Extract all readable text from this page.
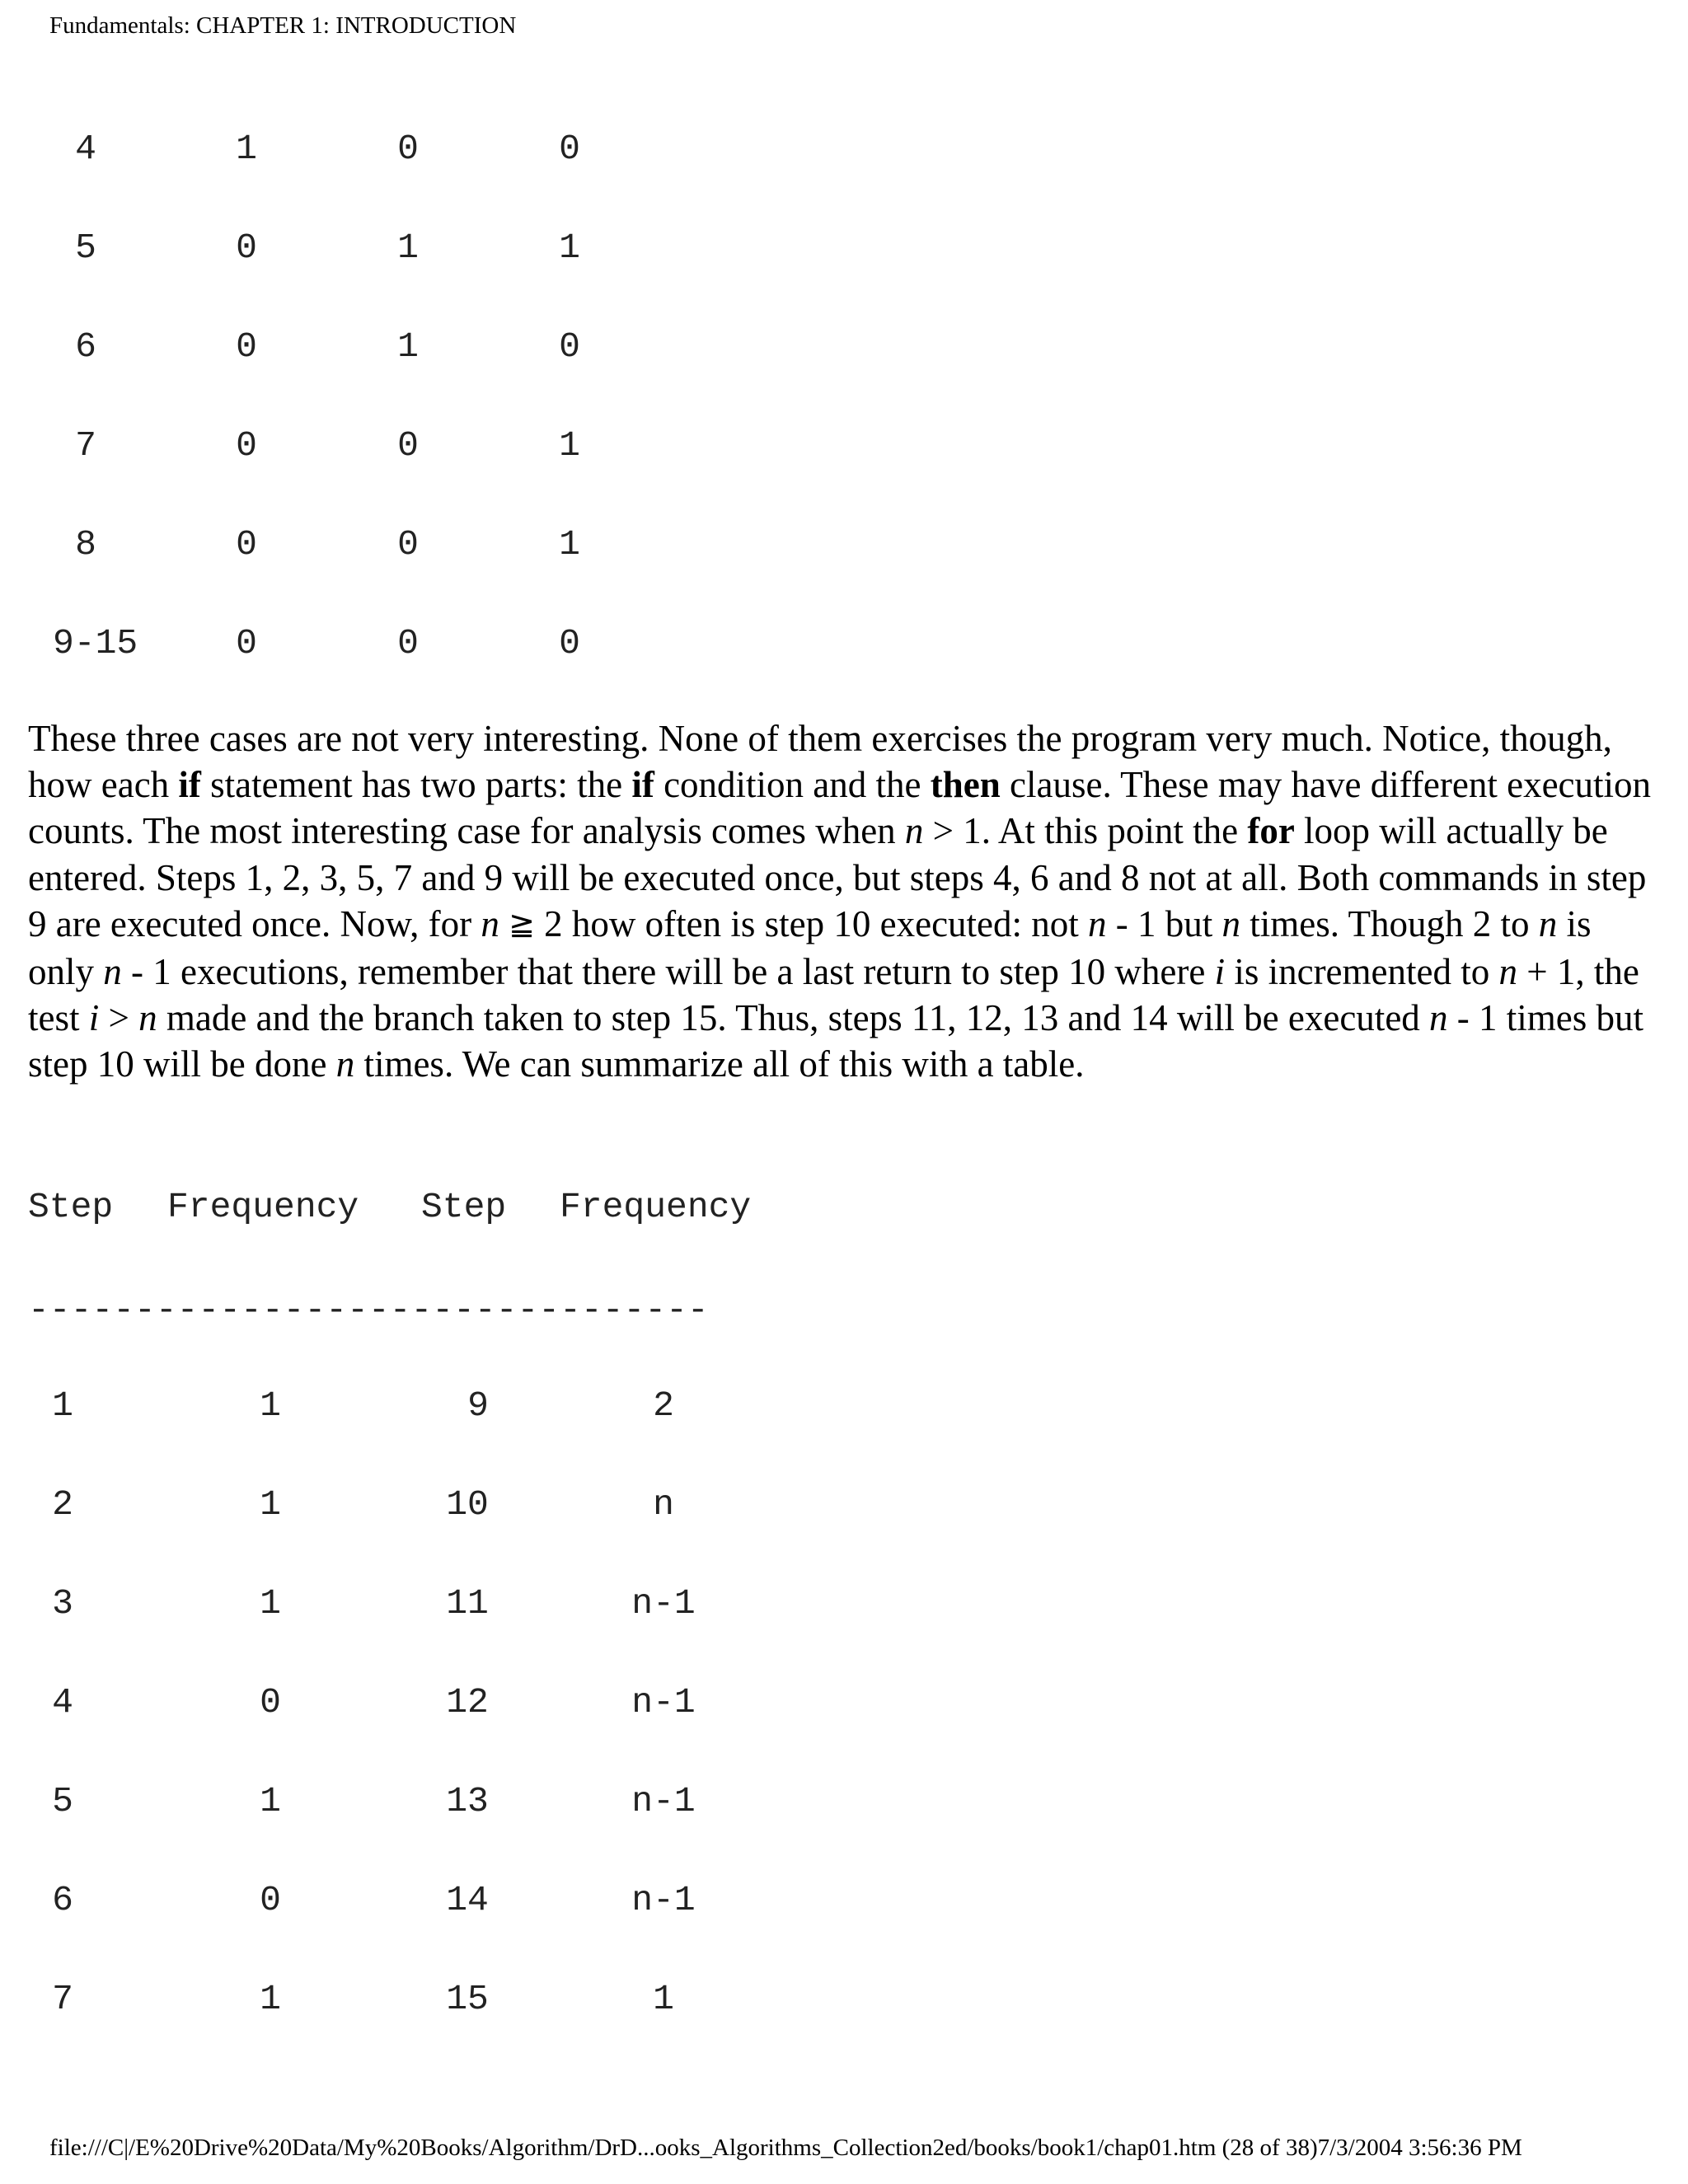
Fundamentals: CHAPTER 1: INTRODUCTION
4	1	0	0
5	0	1	1
6	0	1	0
7	0	0	1
8	0	0	1
9-15	0	0	0

These three cases are not very interesting. None of them exercises the program very much. Notice, though, how each if statement has two parts: the if condition and the then clause. These may have different execution counts. The most interesting case for analysis comes when n > 1. At this point the for loop will actually be entered. Steps 1, 2, 3, 5, 7 and 9 will be executed once, but steps 4, 6 and 8 not at all. Both commands in step 9 are executed once. Now, for n ≧ 2 how often is step 10 executed: not n - 1 but n times. Though 2 to n is only n - 1 executions, remember that there will be a last return to step 10 where i is incremented to n + 1, the test i > n made and the branch taken to step 15. Thus, steps 11, 12, 13 and 14 will be executed n - 1 times but step 10 will be done n times. We can summarize all of this with a table.

Step Frequency Step Frequency
--------------------------------
1	1	9	2
2	1	10	n
3	1	11	n-1
4	0	12	n-1
5	1	13	n-1
6	0	14	n-1
7	1	15	1
file:///C|/E%20Drive%20Data/My%20Books/Algorithm/DrD...ooks_Algorithms_Collection2ed/books/book1/chap01.htm (28 of 38)7/3/2004 3:56:36 PM
